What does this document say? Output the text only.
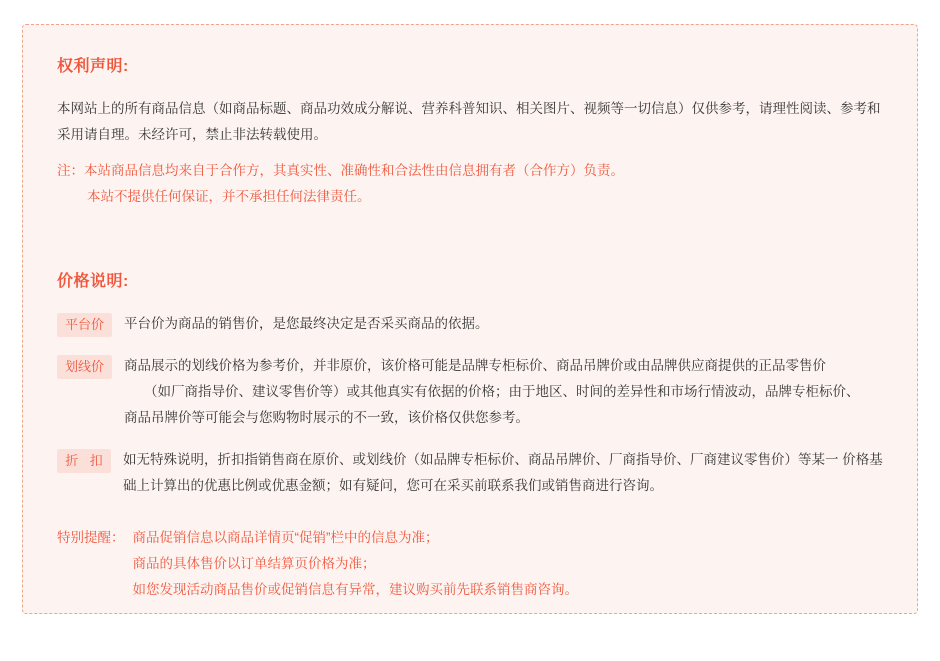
权利声明:

本网站上的所有商品信息（如商品标题、商品功效成分解说、营养科普知识、相关图片、视频等一切信息）仅供参考，请理性阅读、参考和采用请自理。未经许可，禁止非法转载使用。

注：本站商品信息均来自于合作方，其真实性、准确性和合法性由信息拥有者（合作方）负责。

本站不提供任何保证，并不承担任何法律责任。

价格说明:
平台价	平台价为商品的销售价，是您最终决定是否采买商品的依据。
划线价	商品展示的划线价格为参考价，并非原价，该价格可能是品牌专柜标价、商品吊牌价或由品牌供应商提供的正品零售价
（如厂商指导价、建议零售价等）或其他真实有依据的价格；由于地区、时间的差异性和市场行情波动，品牌专柜标价、
商品吊牌价等可能会与您购物时展示的不一致，该价格仅供您参考。
折 扣	如无特殊说明，折扣指销售商在原价、或划线价（如品牌专柜标价、商品吊牌价、厂商指导价、厂商建议零售价）等某一 价格基础上计算出的优惠比例或优惠金额；如有疑问，您可在采买前联系我们或销售商进行咨询。
特别提醒： 商品促销信息以商品详情页“促销”栏中的信息为准；

商品的具体售价以订单结算页价格为准；

如您发现活动商品售价或促销信息有异常，建议购买前先联系销售商咨询。
